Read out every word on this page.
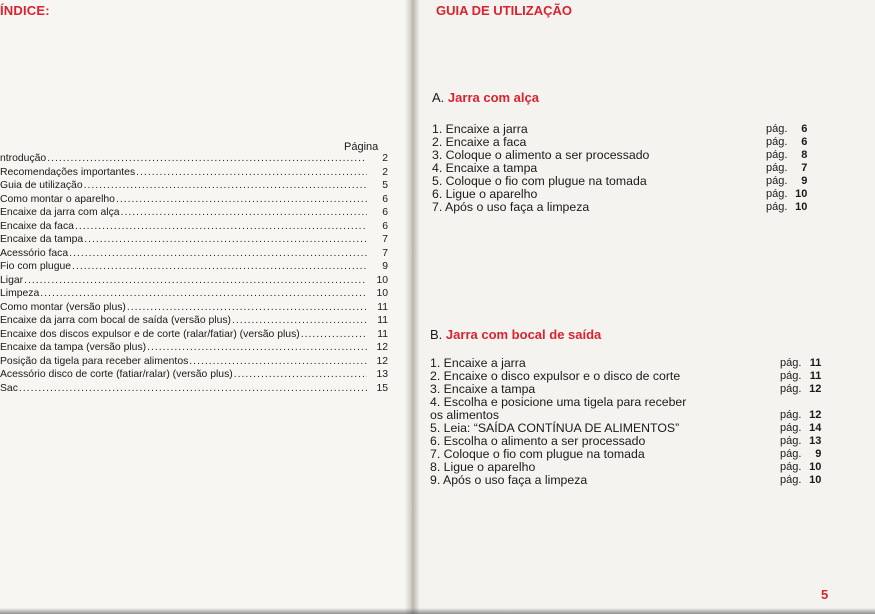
ÍNDICE:
Página
ntrodução .....	2
Recomendações importantes .....	2
Guia de utilização .....	5
Como montar o aparelho .....	6
Encaixe da jarra com alça .....	6
Encaixe da faca .....	6
Encaixe da tampa .....	7
Acessório faca .....	7
Fio com plugue .....	9
Ligar .....	10
Limpeza .....	10
Como montar (versão plus) .....	11
Encaixe da jarra com bocal de saída (versão plus) .....	11
Encaixe dos discos expulsor e de corte (ralar/fatiar) (versão plus) .....	11
Encaixe da tampa (versão plus) .....	12
Posição da tigela para receber alimentos .....	12
Acessório disco de corte (fatiar/ralar) (versão plus) .....	13
Sac .....	15
GUIA DE UTILIZAÇÃO
A. Jarra com alça
1. Encaixe a jarra	pág. 6
2. Encaixe a faca	pág. 6
3. Coloque o alimento a ser processado	pág. 8
4. Encaixe a tampa	pág. 7
5. Coloque o fio com plugue na tomada	pág. 9
6. Ligue o aparelho	pág. 10
7. Após o uso faça a limpeza	pág. 10
B. Jarra com bocal de saída
1. Encaixe a jarra	pág. 11
2. Encaixe o disco expulsor e o disco de corte	pág. 11
3. Encaixe a tampa	pág. 12
4. Escolha e posicione uma tigela para receber
os alimentos	pág. 12
5. Leia: “SAÍDA CONTÍNUA DE ALIMENTOS”	pág. 14
6. Escolha o alimento a ser processado	pág. 13
7. Coloque o fio com plugue na tomada	pág. 9
8. Ligue o aparelho	pág. 10
9. Após o uso faça a limpeza	pág. 10
5
